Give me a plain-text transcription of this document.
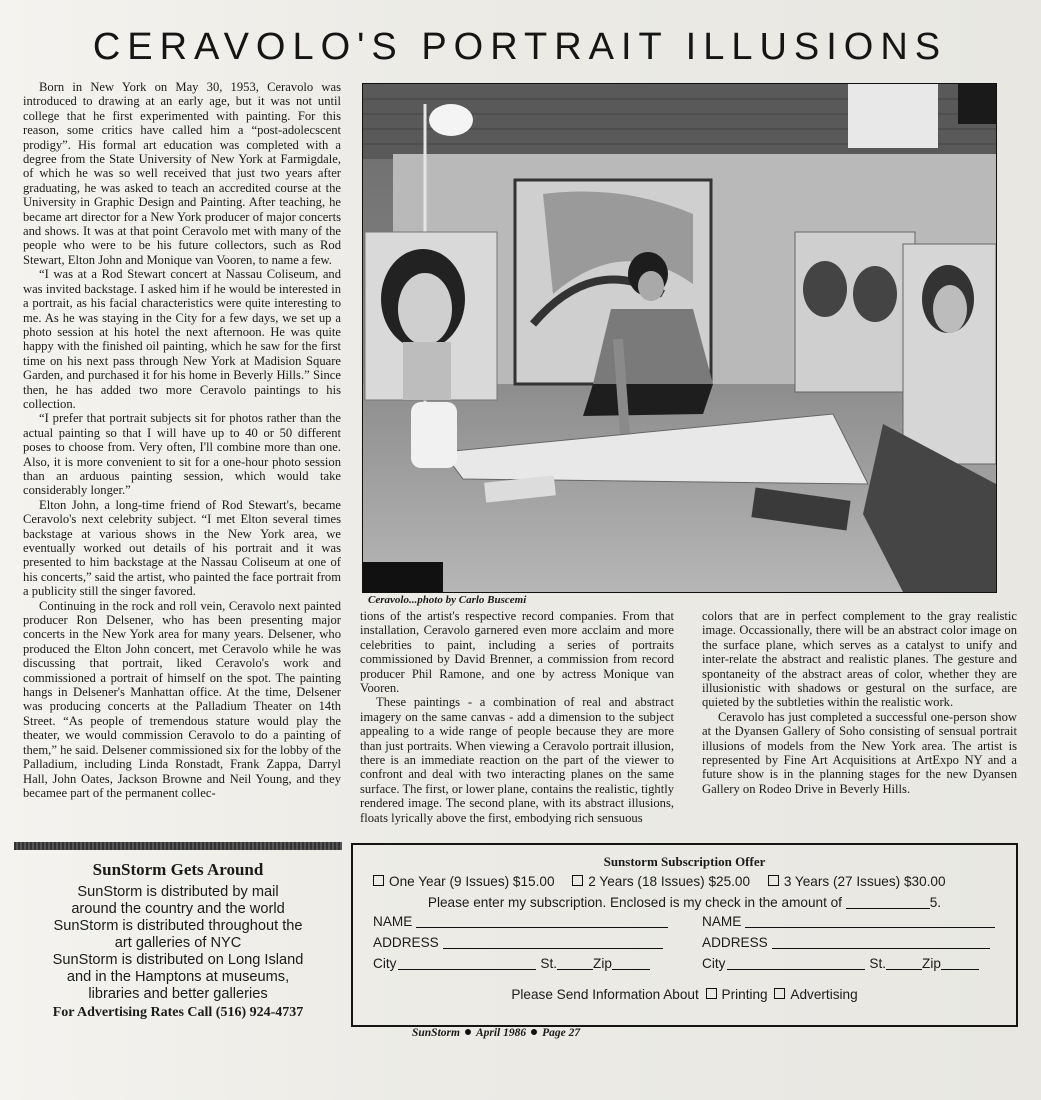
CERAVOLO'S PORTRAIT ILLUSIONS

Born in New York on May 30, 1953, Ceravolo was introduced to drawing at an early age, but it was not until college that he first experimented with painting. For this reason, some critics have called him a “post-adolecscent prodigy”. His formal art education was completed with a degree from the State University of New York at Farmigdale, of which he was so well received that just two years after graduating, he was asked to teach an accredited course at the University in Graphic Design and Painting. After teaching, he became art director for a New York producer of major concerts and shows. It was at that point Ceravolo met with many of the people who were to be his future collectors, such as Rod Stewart, Elton John and Monique van Vooren, to name a few.

“I was at a Rod Stewart concert at Nassau Coliseum, and was invited backstage. I asked him if he would be interested in a portrait, as his facial characteristics were quite interesting to me. As he was staying in the City for a few days, we set up a photo session at his hotel the next afternoon. He was quite happy with the finished oil painting, which he saw for the first time on his next pass through New York at Madision Square Garden, and purchased it for his home in Beverly Hills.” Since then, he has added two more Ceravolo paintings to his collection.

“I prefer that portrait subjects sit for photos rather than the actual painting so that I will have up to 40 or 50 different poses to choose from. Very often, I'll combine more than one. Also, it is more convenient to sit for a one-hour photo session than an arduous painting session, which would take considerably longer.”

Elton John, a long-time friend of Rod Stewart's, became Ceravolo's next celebrity subject. “I met Elton several times backstage at various shows in the New York area, we eventually worked out details of his portrait and it was presented to him backstage at the Nassau Coliseum at one of his concerts,” said the artist, who painted the face portrait from a publicity still the singer favored.

Continuing in the rock and roll vein, Ceravolo next painted producer Ron Delsener, who has been presenting major concerts in the New York area for many years. Delsener, who produced the Elton John concert, met Ceravolo while he was discussing that portrait, liked Ceravolo's work and commissioned a portrait of himself on the spot. The painting hangs in Delsener's Manhattan office. At the time, Delsener was producing concerts at the Palladium Theater on 14th Street. “As people of tremendous stature would play the theater, we would commission Ceravolo to do a painting of them,” he said. Delsener commissioned six for the lobby of the Palladium, including Linda Ronstadt, Frank Zappa, Darryl Hall, John Oates, Jackson Browne and Neil Young, and they becamee part of the permanent collec-

Ceravolo...photo by Carlo Buscemi

tions of the artist's respective record companies. From that installation, Ceravolo garnered even more acclaim and more celebrities to paint, including a series of portraits commissioned by David Brenner, a commission from record producer Phil Ramone, and one by actress Monique van Vooren.

These paintings - a combination of real and abstract imagery on the same canvas - add a dimension to the subject appealing to a wide range of people because they are more than just portraits. When viewing a Ceravolo portrait illusion, there is an immediate reaction on the part of the viewer to confront and deal with two interacting planes on the same surface. The first, or lower plane, contains the realistic, tightly rendered image. The second plane, with its abstract illusions, floats lyrically above the first, embodying rich sensuous

colors that are in perfect complement to the gray realistic image. Occassionally, there will be an abstract color image on the surface plane, which serves as a catalyst to unify and inter-relate the abstract and realistic planes. The gesture and spontaneity of the abstract areas of color, whether they are illusionistic with shadows or gestural on the surface, are quieted by the subtleties within the realistic work.

Ceravolo has just completed a successful one-person show at the Dyansen Gallery of Soho consisting of sensual portrait illusions of models from the New York area. The artist is represented by Fine Art Acquisitions at ArtExpo NY and a future show is in the planning stages for the new Dyansen Gallery on Rodeo Drive in Beverly Hills.

SunStorm Gets Around

SunStorm is distributed by mail

around the country and the world

SunStorm is distributed throughout the

art galleries of NYC

SunStorm is distributed on Long Island

and in the Hamptons at museums,

libraries and better galleries

For Advertising Rates Call (516) 924-4737
Sunstorm Subscription Offer
One Year (9 Issues) $15.00 2 Years (18 Issues) $25.00 3 Years (27 Issues) $30.00
Please enter my subscription. Enclosed is my check in the amount of	5.
NAME
ADDRESS
City	St.	Zip
NAME
ADDRESS
City	St.	Zip
Please Send Information About Printing Advertising
SunStorm April 1986 Page 27
